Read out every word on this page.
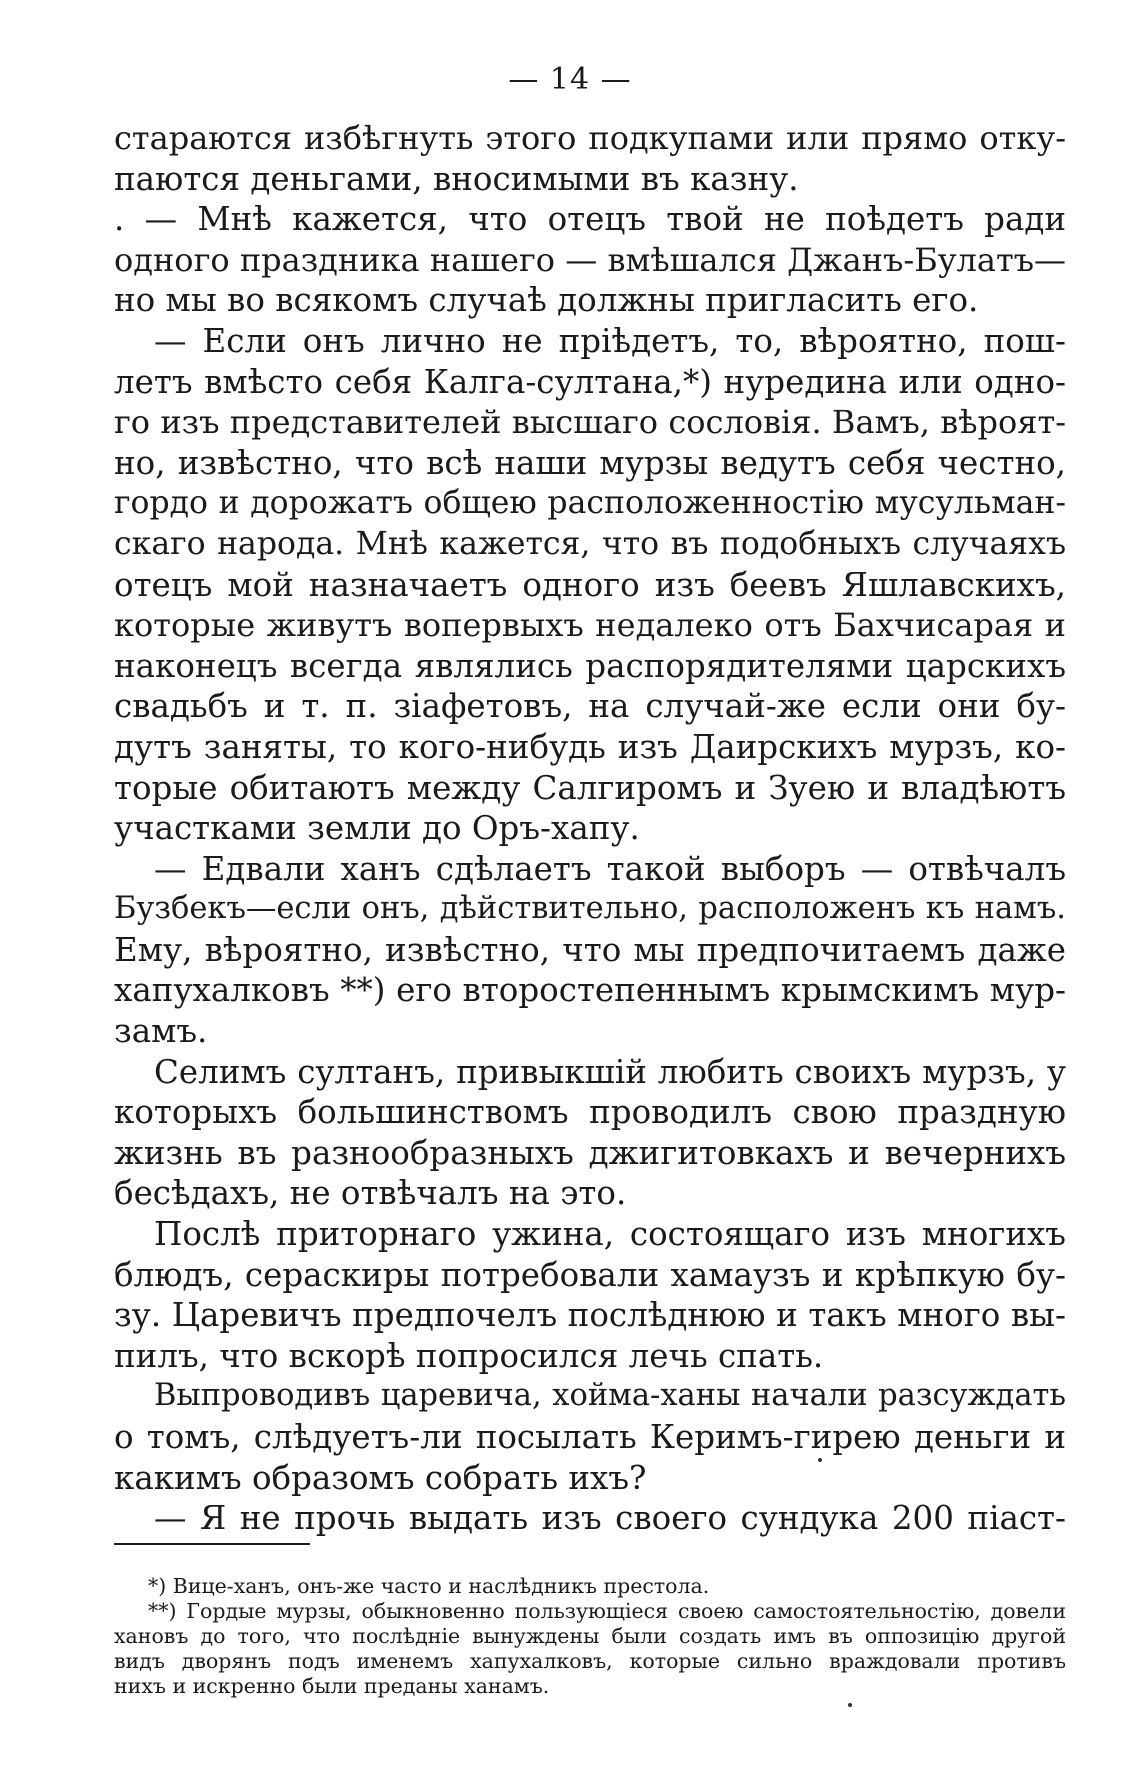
— 14 —
стараются избѣгнуть этого подкупами или прямо отку-
паются деньгами, вносимыми въ казну.
. — Мнѣ кажется, что отецъ твой не поѣдетъ ради
одного праздника нашего — вмѣшался Джанъ-Булатъ—
но мы во всякомъ случаѣ должны пригласить его.
— Если онъ лично не пріѣдетъ, то, вѣроятно, пош-
летъ вмѣсто себя Калга-султана,*) нуредина или одно-
го изъ представителей высшаго сословія. Вамъ, вѣроят-
но, извѣстно, что всѣ наши мурзы ведутъ себя честно,
гордо и дорожатъ общею расположенностію мусульман-
скаго народа. Мнѣ кажется, что въ подобныхъ случаяхъ
отецъ мой назначаетъ одного изъ беевъ Яшлавскихъ,
которые живутъ вопервыхъ недалеко отъ Бахчисарая и
наконецъ всегда являлись распорядителями царскихъ
свадьбъ и т. п. зіафетовъ, на случай-же если они бу-
дутъ заняты, то кого-нибудь изъ Даирскихъ мурзъ, ко-
торые обитаютъ между Салгиромъ и Зуею и владѣютъ
участками земли до Оръ-хапу.
— Едвали ханъ сдѣлаетъ такой выборъ — отвѣчалъ
Бузбекъ—если онъ, дѣйствительно, расположенъ къ намъ.
Ему, вѣроятно, извѣстно, что мы предпочитаемъ даже
хапухалковъ **) его второстепеннымъ крымскимъ мур-
замъ.
Селимъ султанъ, привыкшій любить своихъ мурзъ, у
которыхъ большинствомъ проводилъ свою праздную
жизнь въ разнообразныхъ джигитовкахъ и вечернихъ
бесѣдахъ, не отвѣчалъ на это.
Послѣ приторнаго ужина, состоящаго изъ многихъ
блюдъ, сераскиры потребовали хамаузъ и крѣпкую бу-
зу. Царевичъ предпочелъ послѣднюю и такъ много вы-
пилъ, что вскорѣ попросился лечь спать.
Выпроводивъ царевича, хойма-ханы начали разсуждать
о томъ, слѣдуетъ-ли посылать Керимъ-гирею деньги и
какимъ образомъ собрать ихъ?
— Я не прочь выдать изъ своего сундука 200 піаст-
*) Вице-ханъ, онъ-же часто и наслѣдникъ престола.
**) Гордые мурзы, обыкновенно пользующіеся своею самостоятельностію, довели
хановъ до того, что послѣдніе вынуждены были создать имъ въ оппозицію другой
видъ дворянъ подъ именемъ хапухалковъ, которые сильно враждовали противъ
нихъ и искренно были преданы ханамъ.
